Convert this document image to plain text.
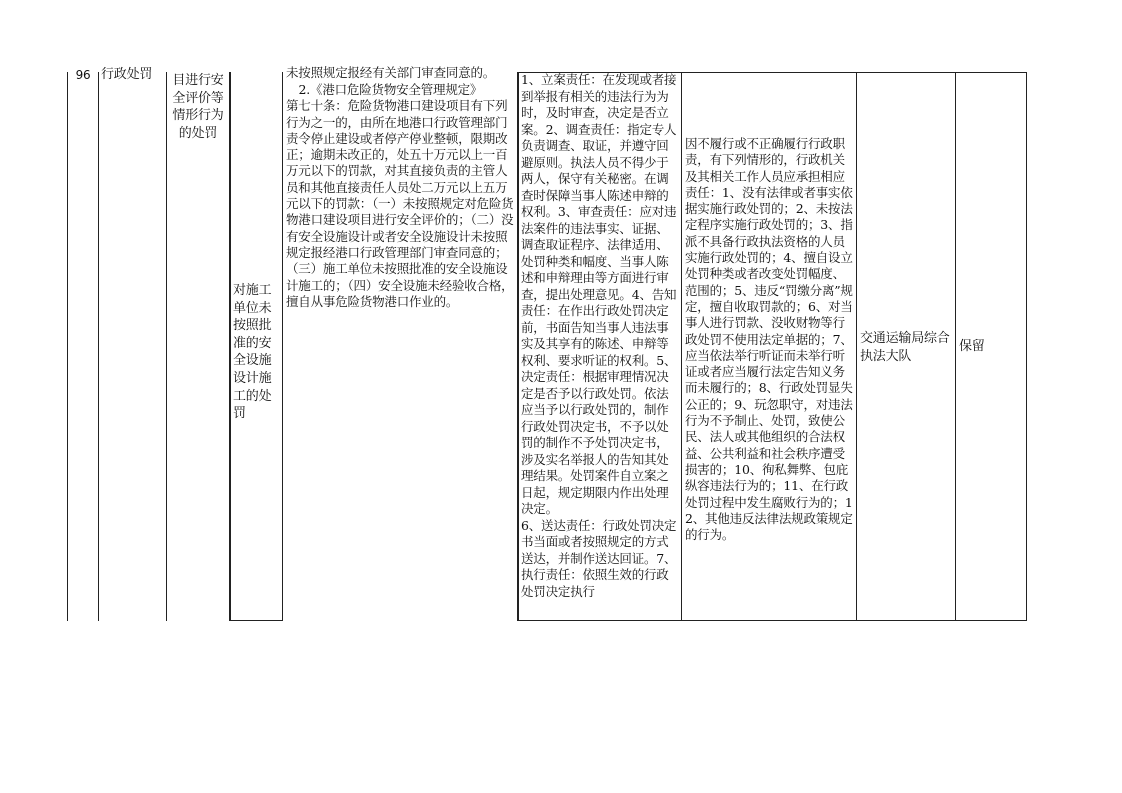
96 行政处罚	目进行安全评价等情形行为的处罚
对施工单位未按照批准的安全设施设计施工的处罚
未按照规定报经有关部门审查同意的。
2.《港口危险货物安全管理规定》
第七十条：危险货物港口建设项目有下列行为之一的，由所在地港口行政管理部门责令停止建设或者停产停业整顿，限期改正；逾期未改正的，处五十万元以上一百万元以下的罚款，对其直接负责的主管人员和其他直接责任人员处二万元以上五万元以下的罚款：（一）未按照规定对危险货物港口建设项目进行安全评价的；（二）没有安全设施设计或者安全设施设计未按照规定报经港口行政管理部门审查同意的；（三）施工单位未按照批准的安全设施设计施工的；（四）安全设施未经验收合格，擅自从事危险货物港口作业的。
1、立案责任：在发现或者接到举报有相关的违法行为为时，及时审查，决定是否立案。2、调查责任：指定专人负责调查、取证，并遵守回避原则。执法人员不得少于两人，保守有关秘密。在调查时保障当事人陈述申辩的权利。3、审查责任：应对违法案件的违法事实、证据、调查取证程序、法律适用、处罚种类和幅度、当事人陈述和申辩理由等方面进行审查，提出处理意见。4、告知责任：在作出行政处罚决定前，书面告知当事人违法事实及其享有的陈述、申辩等权利、要求听证的权利。5、决定责任：根据审理情况决定是否予以行政处罚。依法应当予以行政处罚的，制作行政处罚决定书，不予以处罚的制作不予处罚决定书，涉及实名举报人的告知其处理结果。处罚案件自立案之日起，规定期限内作出处理决定。
6、送达责任：行政处罚决定书当面或者按照规定的方式送达，并制作送达回证。7、执行责任：依照生效的行政处罚决定执行
因不履行或不正确履行行政职责，有下列情形的，行政机关及其相关工作人员应承担相应责任：1、没有法律或者事实依据实施行政处罚的；2、未按法定程序实施行政处罚的；3、指派不具备行政执法资格的人员实施行政处罚的；4、擅自设立处罚种类或者改变处罚幅度、范围的；5、违反“罚缴分离”规定，擅自收取罚款的；6、对当事人进行罚款、没收财物等行政处罚不使用法定单据的；7、应当依法举行听证而未举行听证或者应当履行法定告知义务而未履行的；8、行政处罚显失公正的；9、玩忽职守，对违法行为不予制止、处罚，致使公民、法人或其他组织的合法权益、公共利益和社会秩序遭受损害的；10、徇私舞弊、包庇纵容违法行为的；11、在行政处罚过程中发生腐败行为的；12、其他违反法律法规政策规定的行为。
交通运输局综合执法大队
保留
